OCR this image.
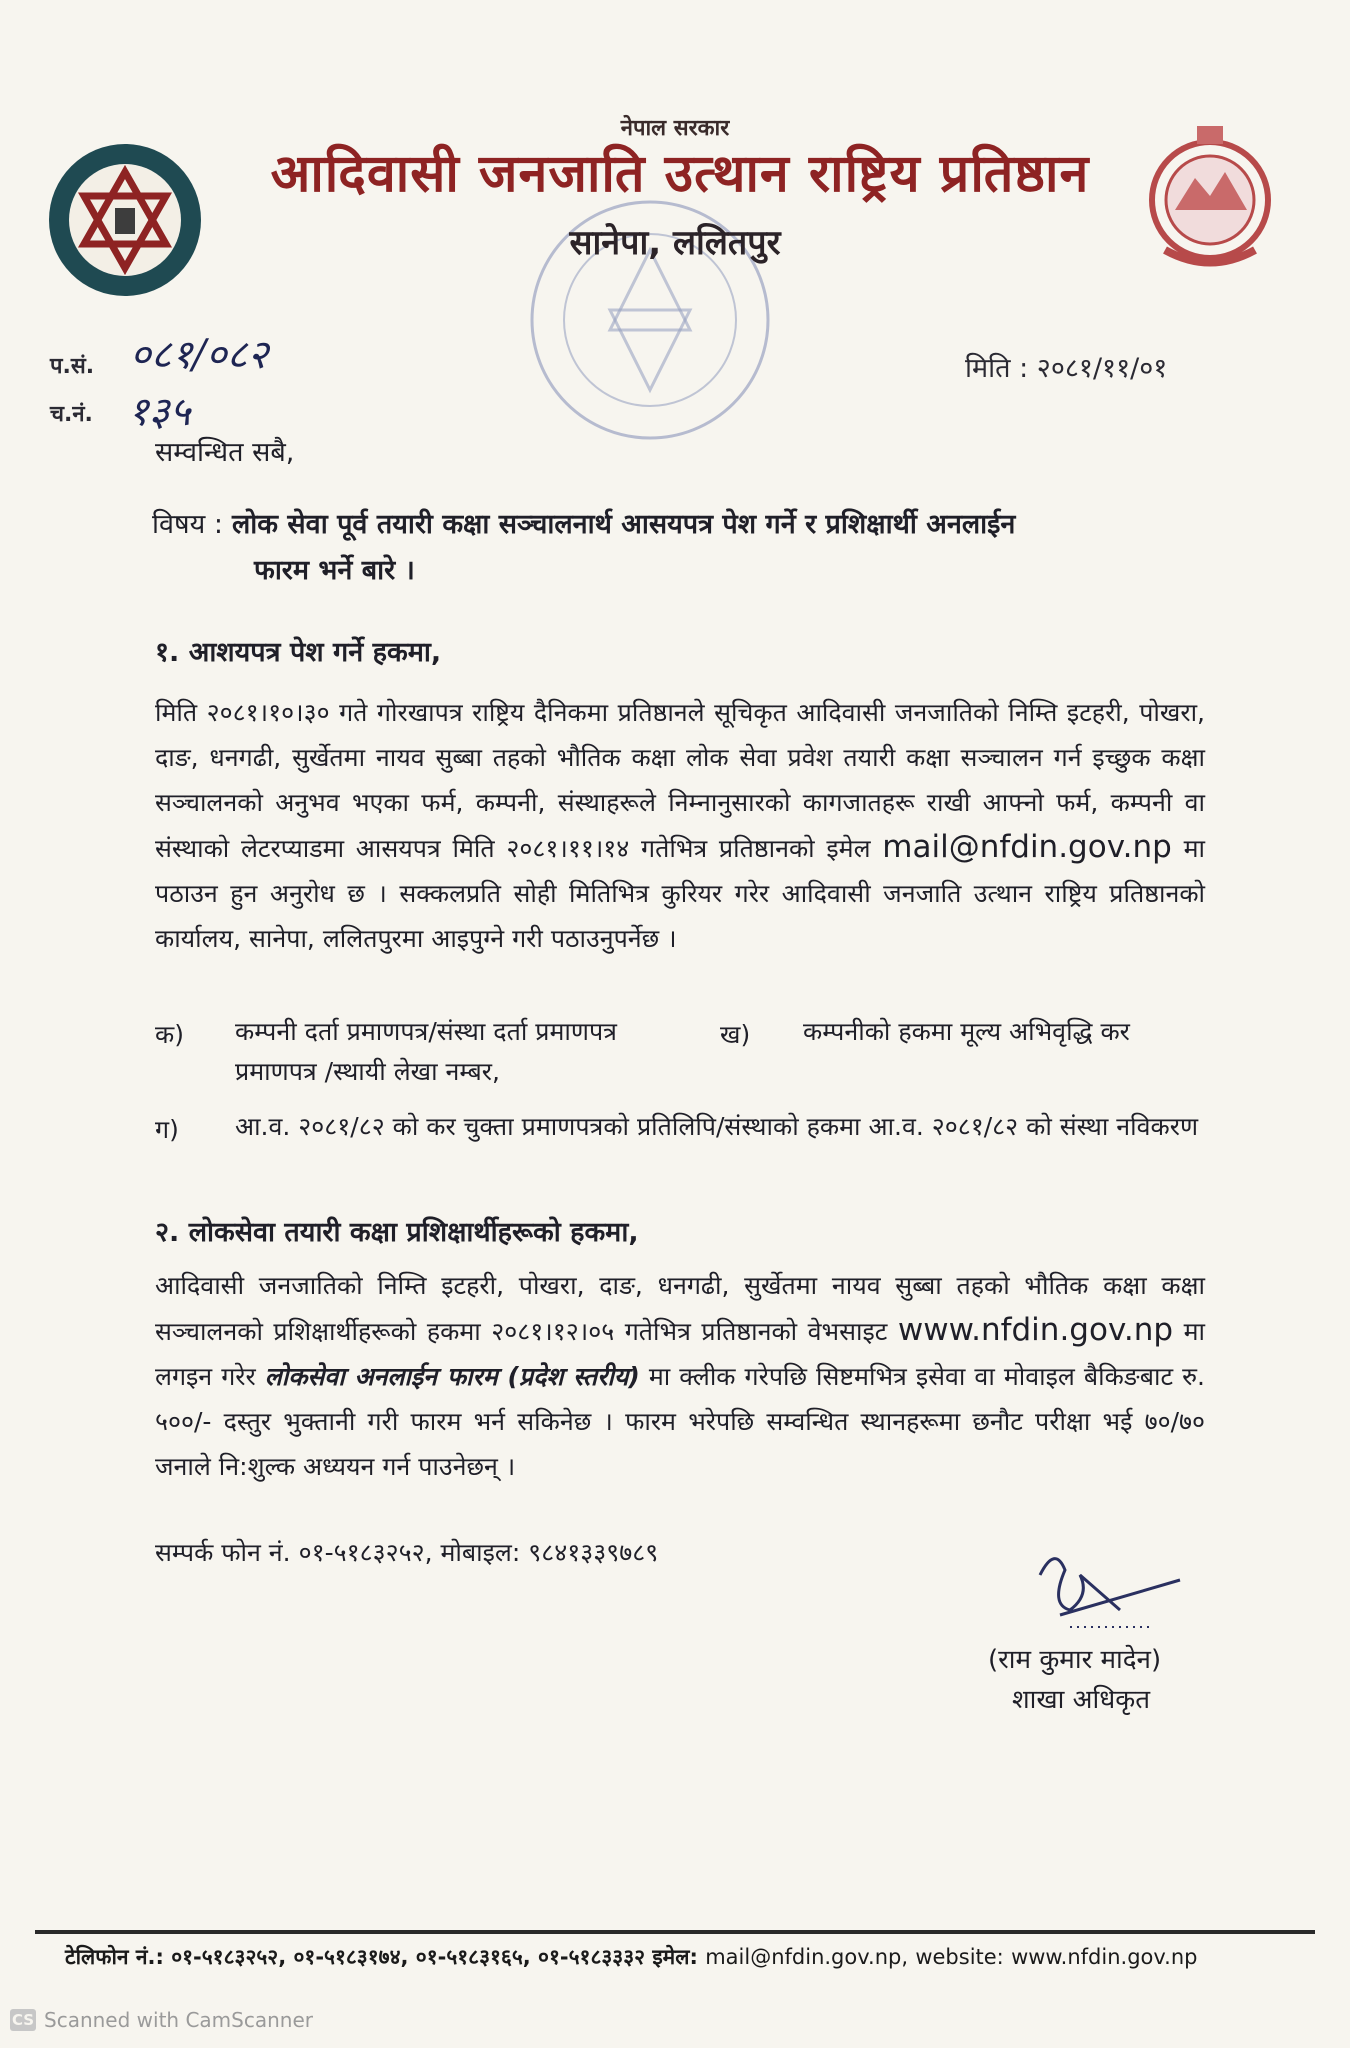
नेपाल सरकार
आदिवासी जनजाति उत्थान राष्ट्रिय प्रतिष्ठान
सानेपा, ललितपुर
प.सं. ०८१/०८२
च.नं. १३५
मिति : २०८१/११/०१
सम्वन्धित सबै,
विषय : लोक सेवा पूर्व तयारी कक्षा सञ्चालनार्थ आसयपत्र पेश गर्ने र प्रशिक्षार्थी अनलाईन
फारम भर्ने बारे ।
१. आशयपत्र पेश गर्ने हकमा,
मिति २०८१।१०।३० गते गोरखापत्र राष्ट्रिय दैनिकमा प्रतिष्ठानले सूचिकृत आदिवासी जनजातिको निम्ति इटहरी, पोखरा, दाङ, धनगढी, सुर्खेतमा नायव सुब्बा तहको भौतिक कक्षा लोक सेवा प्रवेश तयारी कक्षा सञ्चालन गर्न इच्छुक कक्षा सञ्चालनको अनुभव भएका फर्म, कम्पनी, संस्थाहरूले निम्नानुसारको कागजातहरू राखी आफ्नो फर्म, कम्पनी वा संस्थाको लेटरप्याडमा आसयपत्र मिति २०८१।११।१४ गतेभित्र प्रतिष्ठानको इमेल mail@nfdin.gov.np मा पठाउन हुन अनुरोध छ । सक्कलप्रति सोही मितिभित्र कुरियर गरेर आदिवासी जनजाति उत्थान राष्ट्रिय प्रतिष्ठानको कार्यालय, सानेपा, ललितपुरमा आइपुग्ने गरी पठाउनुपर्नेछ ।
क) कम्पनी दर्ता प्रमाणपत्र/संस्था दर्ता प्रमाणपत्र	ख)	कम्पनीको हकमा मूल्य अभिवृद्धि कर प्रमाणपत्र /स्थायी लेखा नम्बर,
ग) आ.व. २०८१/८२ को कर चुक्ता प्रमाणपत्रको प्रतिलिपि/संस्थाको हकमा आ.व. २०८१/८२ को संस्था नविकरण
२. लोकसेवा तयारी कक्षा प्रशिक्षार्थीहरूको हकमा,
आदिवासी जनजातिको निम्ति इटहरी, पोखरा, दाङ, धनगढी, सुर्खेतमा नायव सुब्बा तहको भौतिक कक्षा कक्षा सञ्चालनको प्रशिक्षार्थीहरूको हकमा २०८१।१२।०५ गतेभित्र प्रतिष्ठानको वेभसाइट www.nfdin.gov.np मा लगइन गरेर लोकसेवा अनलाईन फारम (प्रदेश स्तरीय) मा क्लीक गरेपछि सिष्टमभित्र इसेवा वा मोवाइल बैकिङबाट रु. ५००/- दस्तुर भुक्तानी गरी फारम भर्न सकिनेछ । फारम भरेपछि सम्वन्धित स्थानहरूमा छनौट परीक्षा भई ७०/७० जनाले नि:शुल्क अध्ययन गर्न पाउनेछन् ।
सम्पर्क फोन नं. ०१-५१८३२५२, मोबाइल: ९८४१३३९७८९
(राम कुमार मादेन)
शाखा अधिकृत
टेलिफोन नं.: ०१-५१८३२५२, ०१-५१८३१७४, ०१-५१८३१६५, ०१-५१८३३३२ इमेल: mail@nfdin.gov.np, website: www.nfdin.gov.np
CS Scanned with CamScanner
